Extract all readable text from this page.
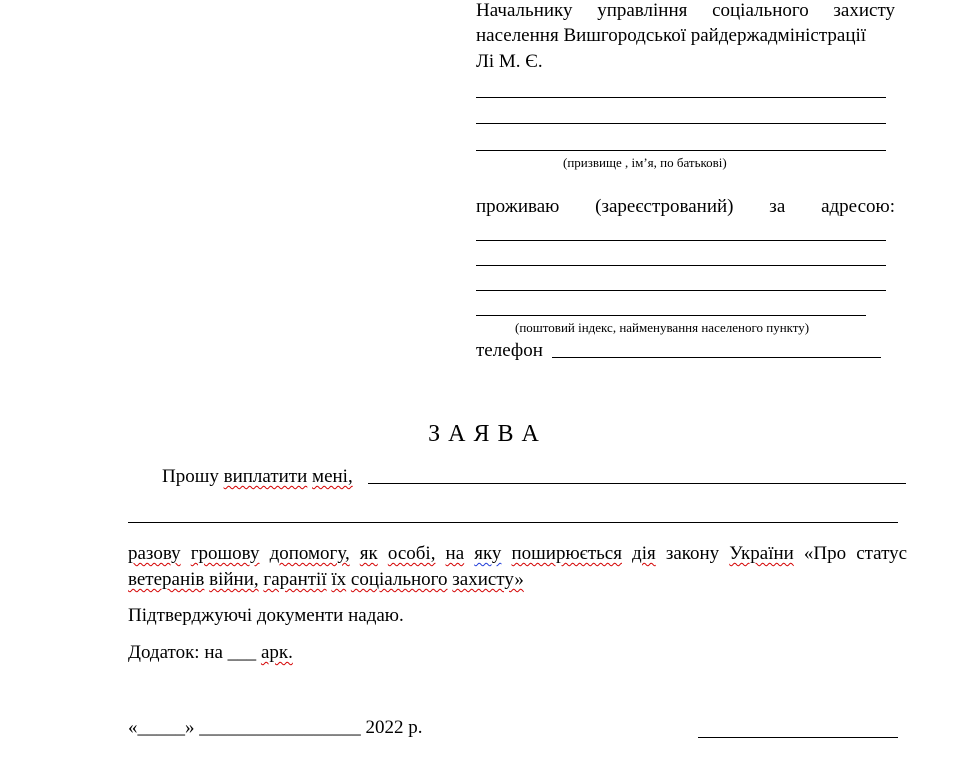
Начальнику управління соціального захисту
населення Вишгородської райдержадміністрації
Лі М. Є.
(призвище , ім’я, по батькові)
проживаю (зареєстрований) за адресою:
(поштовий індекс, найменування населеного пункту)
телефон
З А Я В А
Прошу виплатити мені,
разову грошову допомогу, як особі, на яку поширюється дія закону України «Про статус
ветеранів війни, гарантії їх соціального захисту»
Підтверджуючі документи надаю.
Додаток: на ___ арк.
«_____» _________________ 2022 р.
